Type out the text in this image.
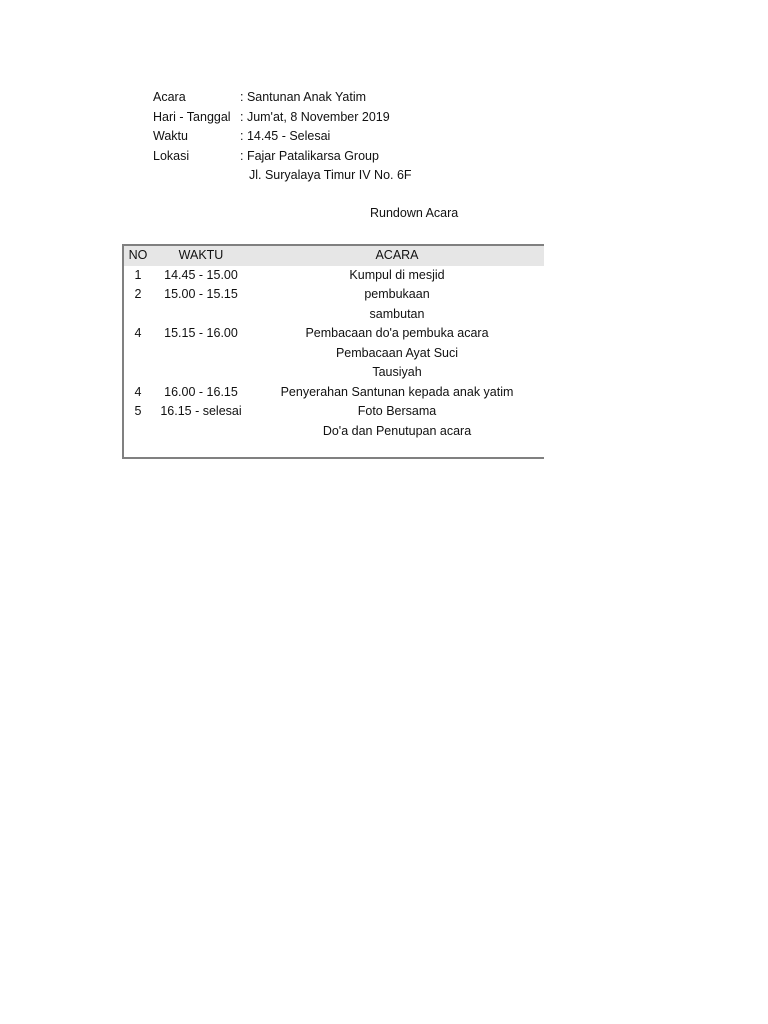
Acara	: Santunan Anak Yatim
Hari - Tanggal : Jum'at, 8 November 2019
Waktu	: 14.45 - Selesai
Lokasi	: Fajar Patalikarsa Group
Jl. Suryalaya Timur IV No. 6F
Rundown Acara
NO	WAKTU	ACARA
1	14.45 - 15.00	Kumpul di mesjid
2	15.00 - 15.15	pembukaan
		sambutan
4	15.15 - 16.00	Pembacaan do'a pembuka acara
		Pembacaan Ayat Suci
		Tausiyah
4	16.00 - 16.15	Penyerahan Santunan kepada anak yatim
5	16.15 - selesai	Foto Bersama
		Do'a dan Penutupan acara
